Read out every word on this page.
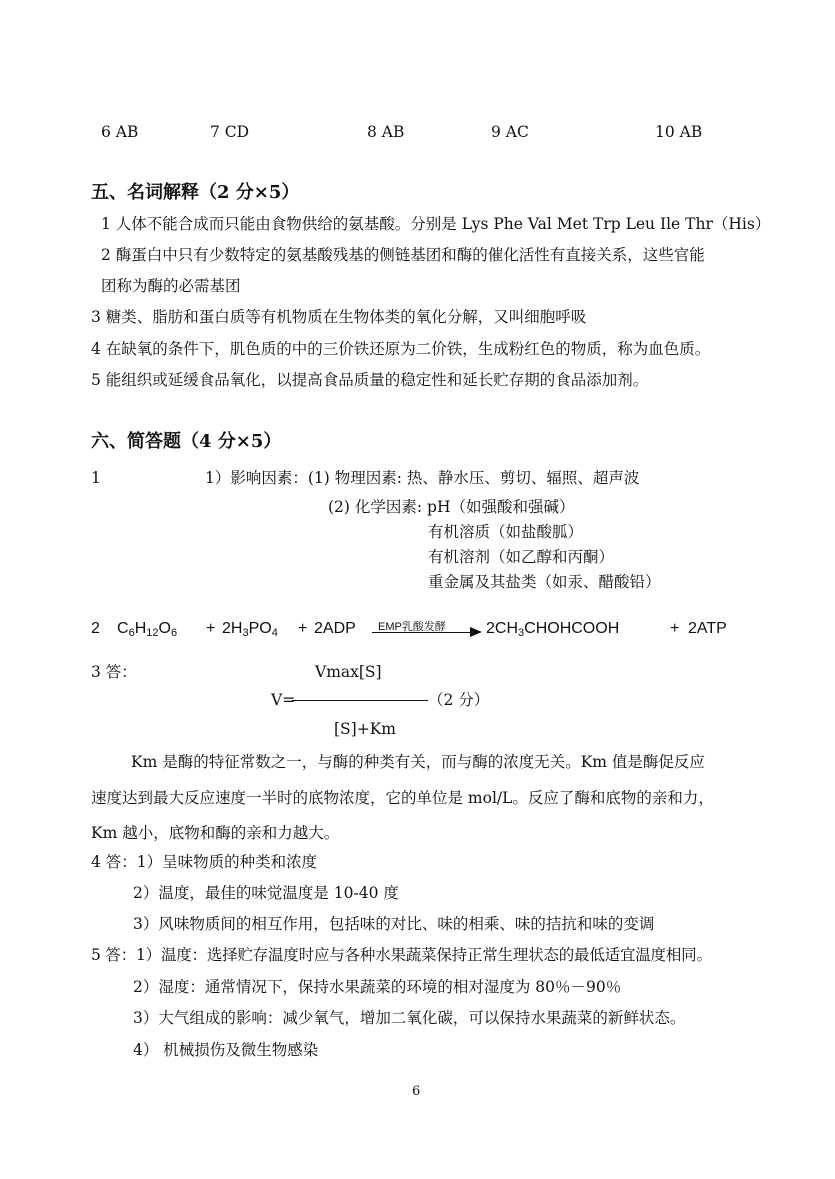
6 AB	7 CD	8 AB	9 AC	10 AB
五、名词解释（2 分×5）
1 人体不能合成而只能由食物供给的氨基酸。分别是 Lys Phe Val Met Trp Leu Ile Thr（His）
2 酶蛋白中只有少数特定的氨基酸残基的侧链基团和酶的催化活性有直接关系，这些官能
团称为酶的必需基团
3 糖类、脂肪和蛋白质等有机物质在生物体类的氧化分解，又叫细胞呼吸
4 在缺氧的条件下，肌色质的中的三价铁还原为二价铁，生成粉红色的物质，称为血色质。
5 能组织或延缓食品氧化，以提高食品质量的稳定性和延长贮存期的食品添加剂。
六、简答题（4 分×5）
1	1）影响因素：(1) 物理因素: 热、静水压、剪切、辐照、超声波
(2) 化学因素: pH（如强酸和强碱）
有机溶质（如盐酸胍）
有机溶剂（如乙醇和丙酮）
重金属及其盐类（如汞、醋酸铅）
2 $C_6H_{12}O_6 + 2H_3PO_4 + 2ADP$ EMP乳酸发酵	$2CH_3CHOHCOOH$	+ 2ATP
3 答：	Vmax[S]
V=	（2 分）
[S]+Km
Km 是酶的特征常数之一，与酶的种类有关，而与酶的浓度无关。Km 值是酶促反应
速度达到最大反应速度一半时的底物浓度，它的单位是 mol/L。反应了酶和底物的亲和力，
Km 越小，底物和酶的亲和力越大。
4 答：1）呈味物质的种类和浓度
2）温度，最佳的味觉温度是 10-40 度
3）风味物质间的相互作用，包括味的对比、味的相乘、味的拮抗和味的变调
5 答：1）温度：选择贮存温度时应与各种水果蔬菜保持正常生理状态的最低适宜温度相同。
2）湿度：通常情况下，保持水果蔬菜的环境的相对湿度为 80％－90％
3）大气组成的影响：减少氧气，增加二氧化碳，可以保持水果蔬菜的新鲜状态。
4） 机械损伤及微生物感染
6
